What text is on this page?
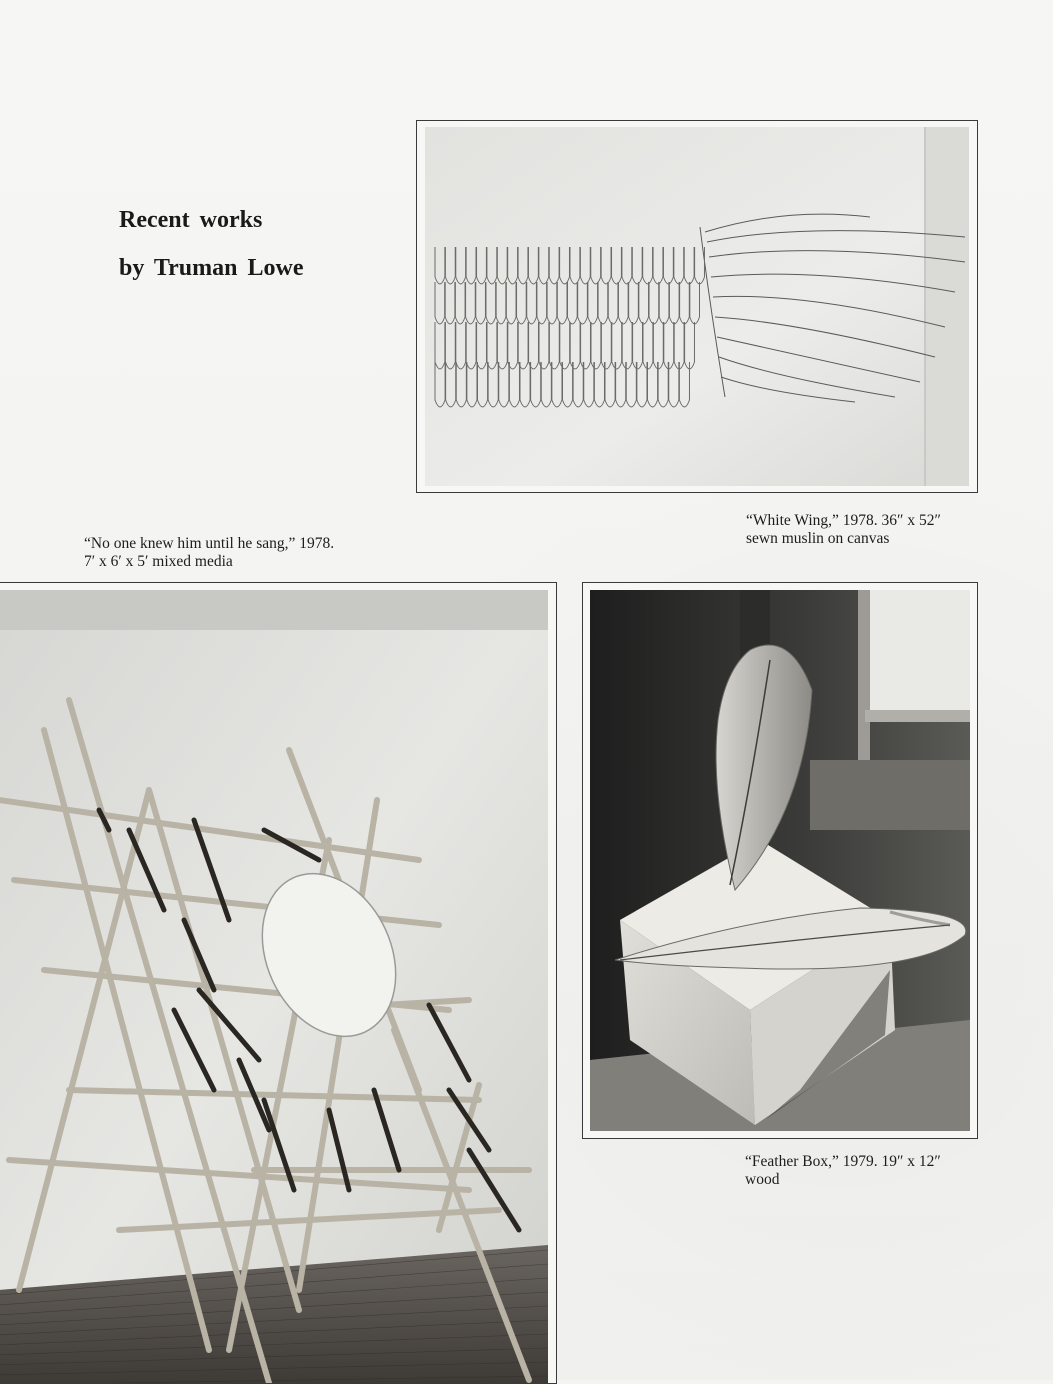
Recent works
by Truman Lowe
“White Wing,” 1978. 36″ x 52″
sewn muslin on canvas
“No one knew him until he sang,” 1978.
7′ x 6′ x 5′ mixed media
“Feather Box,” 1979. 19″ x 12″
wood
